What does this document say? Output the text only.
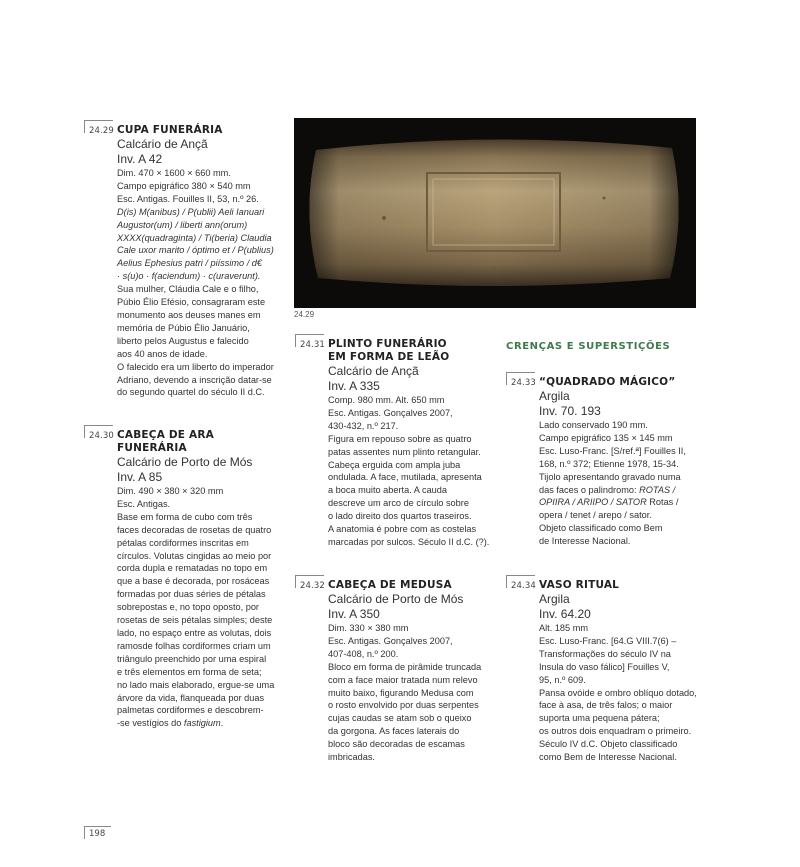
24.29
24.29 CUPA FUNERÁRIA
Calcário de Ançã
Inv. A 42

Dim. 470 × 1600 × 660 mm.

Campo epigráfico 380 × 540 mm

Esc. Antigas. Fouilles II, 53, n.º 26.

D(is) M(anibus) / P(ublii) Aeli Ianuari

Augustor(um) / liberti ann(orum)

XXXX(quadraginta) / Ti(beria) Claudia

Cale uxor marito / óptimo et / P(ublius)

Aelius Ephesius patri / piíssimo / d€

· s(u)o · f(aciendum) · c(uraverunt).

Sua mulher, Cláudia Cale e o filho,

Púbio Élio Efésio, consagraram este

monumento aos deuses manes em

memória de Púbio Élio Januário,

liberto pelos Augustus e falecido

aos 40 anos de idade.

O falecido era um liberto do imperador

Adriano, devendo a inscrição datar-se

do segundo quartel do século II d.C.

24.30 CABEÇA DE ARA FUNERÁRIA
Calcário de Porto de Mós
Inv. A 85

Dim. 490 × 380 × 320 mm

Esc. Antigas.

Base em forma de cubo com três

faces decoradas de rosetas de quatro

pétalas cordiformes inscritas em

círculos. Volutas cingidas ao meio por

corda dupla e rematadas no topo em

que a base é decorada, por rosáceas

formadas por duas séries de pétalas

sobrepostas e, no topo oposto, por

rosetas de seis pétalas simples; deste

lado, no espaço entre as volutas, dois

ramosde folhas cordiformes criam um

triângulo preenchido por uma espiral

e três elementos em forma de seta;

no lado mais elaborado, ergue-se uma

árvore da vida, flanqueada por duas

palmetas cordiformes e descobrem-

-se vestígios do fastigium.

24.31 PLINTO FUNERÁRIO
EM FORMA DE LEÃO
Calcário de Ançã
Inv. A 335

Comp. 980 mm. Alt. 650 mm

Esc. Antigas. Gonçalves 2007,

430-432, n.º 217.

Figura em repouso sobre as quatro

patas assentes num plinto retangular.

Cabeça erguida com ampla juba

ondulada. A face, mutilada, apresenta

a boca muito aberta. A cauda

descreve um arco de círculo sobre

o lado direito dos quartos traseiros.

A anatomia é pobre com as costelas

marcadas por sulcos. Século II d.C. (?).

24.32 CABEÇA DE MEDUSA
Calcário de Porto de Mós
Inv. A 350

Dim. 330 × 380 mm

Esc. Antigas. Gonçalves 2007,

407-408, n.º 200.

Bloco em forma de pirâmide truncada

com a face maior tratada num relevo

muito baixo, figurando Medusa com

o rosto envolvido por duas serpentes

cujas caudas se atam sob o queixo

da gorgona. As faces laterais do

bloco são decoradas de escamas

imbricadas.

CRENÇAS E SUPERSTIÇÕES
24.33 “QUADRADO MÁGICO”
Argila
Inv. 70. 193

Lado conservado 190 mm.

Campo epigráfico 135 × 145 mm

Esc. Luso-Franc. [S/ref.ª] Fouilles II,

168, n.º 372; Etienne 1978, 15-34.

Tijolo apresentando gravado numa

das faces o palindromo: ROTAS /

OPIIRA / ARIIPO / SATOR Rotas /

opera / tenet / arepo / sator.

Objeto classificado como Bem

de Interesse Nacional.

24.34 VASO RITUAL
Argila
Inv. 64.20

Alt. 185 mm

Esc. Luso-Franc. [64.G VIII.7(6) –

Transformações do século IV na

Insula do vaso fálico] Fouilles V,

95, n.º 609.

Pansa ovóide e ombro oblíquo dotado,

face à asa, de três falos; o maior

suporta uma pequena pátera;

os outros dois enquadram o primeiro.

Século IV d.C. Objeto classificado

como Bem de Interesse Nacional.

198
